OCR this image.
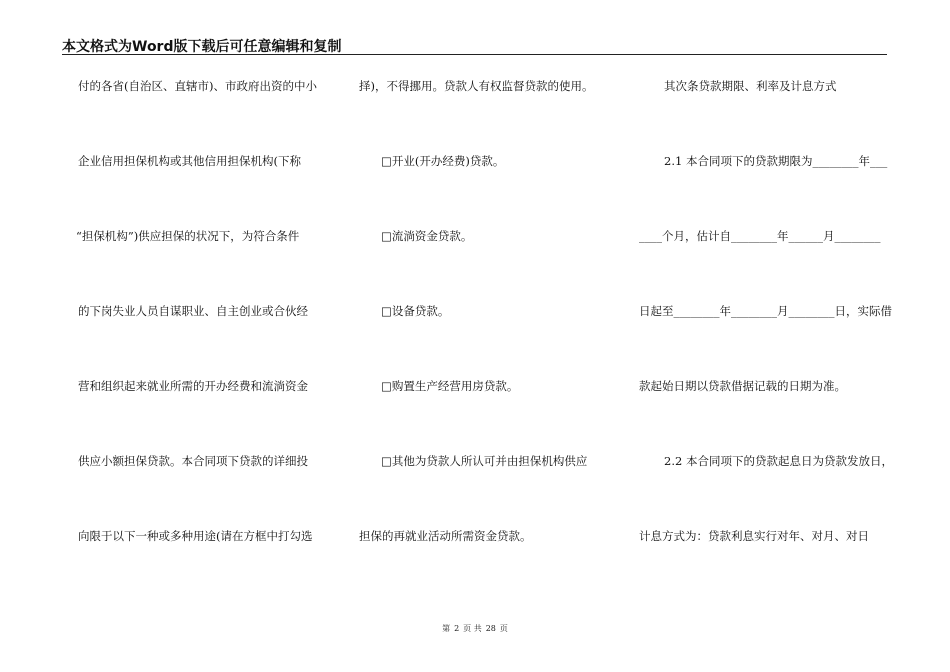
本文格式为Word版下载后可任意编辑和复制
付的各省(自治区、直辖市)、市政府出资的中小
企业信用担保机构或其他信用担保机构(下称
“担保机构”)供应担保的状况下，为符合条件
的下岗失业人员自谋职业、自主创业或合伙经
营和组织起来就业所需的开办经费和流淌资金
供应小额担保贷款。本合同项下贷款的详细投
向限于以下一种或多种用途(请在方框中打勾选
择)，不得挪用。贷款人有权监督贷款的使用。
□开业(开办经费)贷款。
□流淌资金贷款。
□设备贷款。
□购置生产经营用房贷款。
□其他为贷款人所认可并由担保机构供应
担保的再就业活动所需资金贷款。
其次条贷款期限、利率及计息方式
2.1 本合同项下的贷款期限为________年___
____个月，估计自________年______月________
日起至________年________月________日，实际借
款起始日期以贷款借据记载的日期为准。
2.2 本合同项下的贷款起息日为贷款发放日，
计息方式为：贷款利息实行对年、对月、对日
第 2 页 共 28 页
